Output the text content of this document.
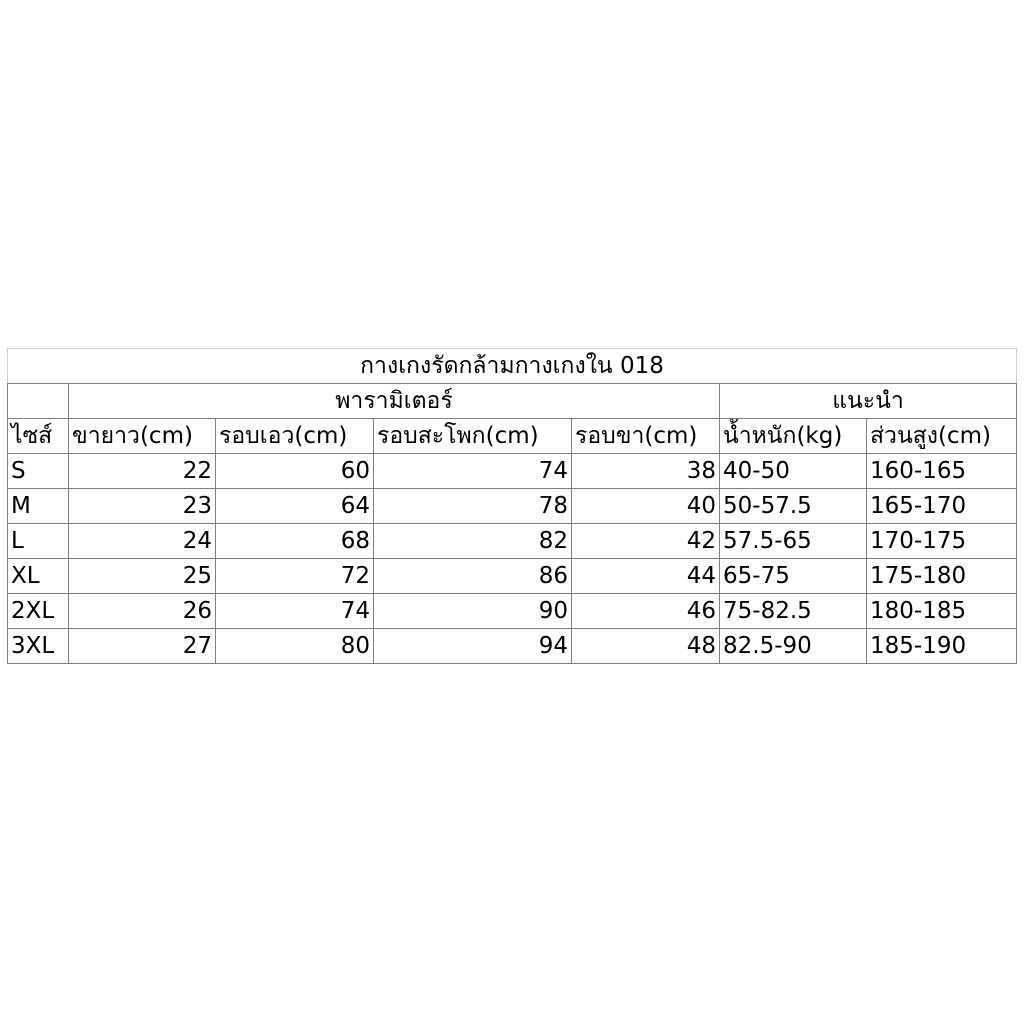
กางเกงรัดกล้ามกางเกงใน 018						
	พารามิเตอร์				แนะนำ	
ไซส์	ขายาว(cm)	รอบเอว(cm)	รอบสะโพก(cm)	รอบขา(cm)	น้ำหนัก(kg)	ส่วนสูง(cm)
S	22	60	74	38	40-50	160-165
M	23	64	78	40	50-57.5	165-170
L	24	68	82	42	57.5-65	170-175
XL	25	72	86	44	65-75	175-180
2XL	26	74	90	46	75-82.5	180-185
3XL	27	80	94	48	82.5-90	185-190
